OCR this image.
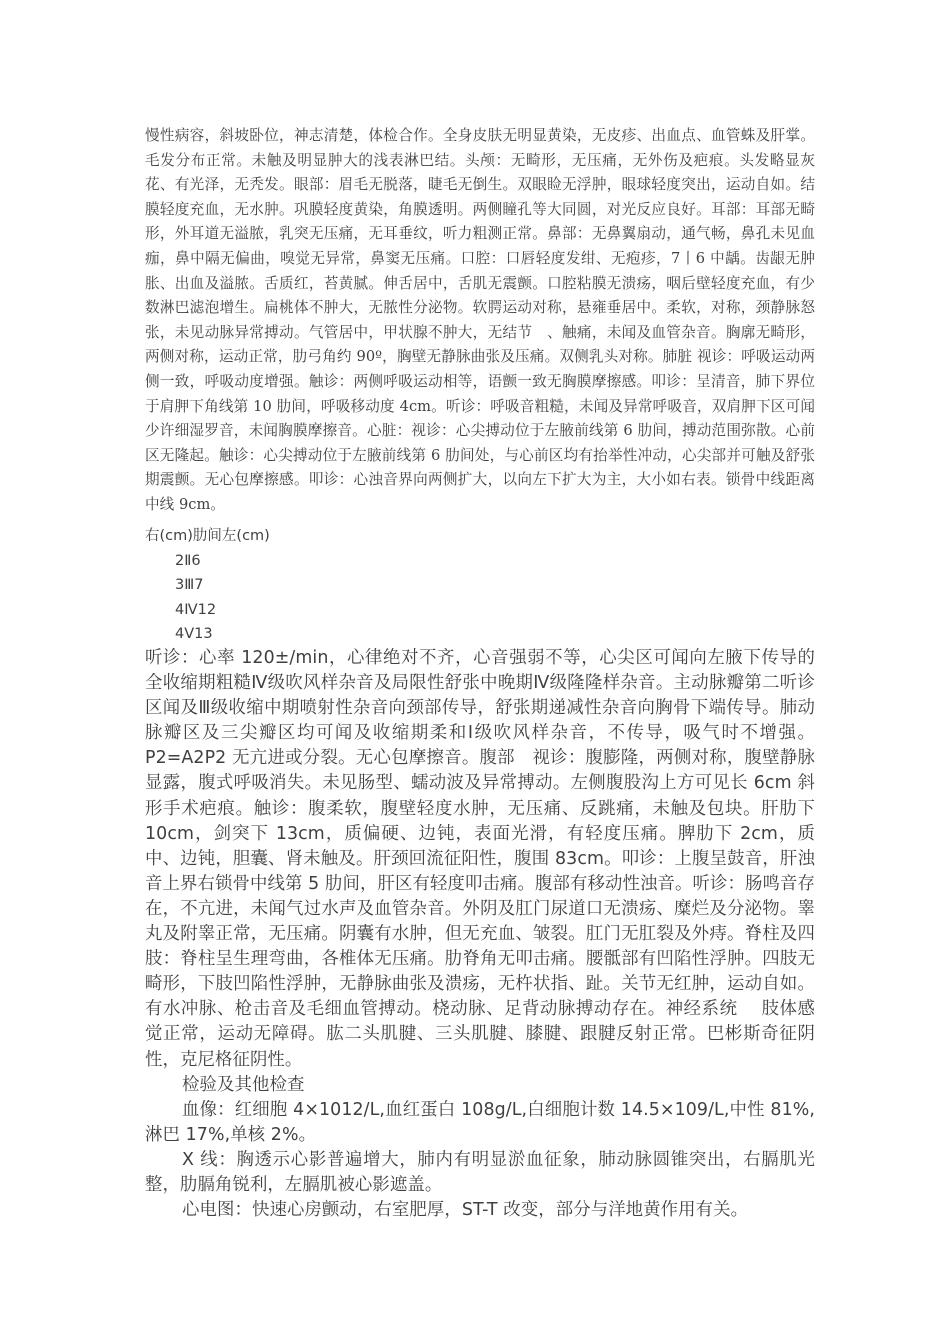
慢性病容，斜坡卧位，神志清楚，体检合作。全身皮肤无明显黄染，无皮疹、出血点、血管蛛及肝掌。毛发分布正常。未触及明显肿大的浅表淋巴结。头颅：无畸形，无压痛，无外伤及疤痕。头发略显灰花、有光泽，无秃发。眼部：眉毛无脱落，睫毛无倒生。双眼睑无浮肿，眼球轻度突出，运动自如。结膜轻度充血，无水肿。巩膜轻度黄染，角膜透明。两侧瞳孔等大同圆，对光反应良好。耳部：耳部无畸形，外耳道无溢脓，乳突无压痛，无耳垂纹，听力粗测正常。鼻部：无鼻翼扇动，通气畅，鼻孔未见血痂，鼻中隔无偏曲，嗅觉无异常，鼻窦无压痛。口腔：口唇轻度发绀、无疱疹，7丨6 中龋。齿龈无肿胀、出血及溢脓。舌质红，苔黄腻。伸舌居中，舌肌无震颤。口腔粘膜无溃疡，咽后壁轻度充血，有少数淋巴滤泡增生。扁桃体不肿大，无脓性分泌物。软腭运动对称，悬雍垂居中。柔软，对称，颈静脉怒张，未见动脉异常搏动。气管居中，甲状腺不肿大，无结节　、触痛，未闻及血管杂音。胸廓无畸形，两侧对称，运动正常，肋弓角约 90º，胸壁无静脉曲张及压痛。双侧乳头对称。肺脏 视诊：呼吸运动两侧一致，呼吸动度增强。触诊：两侧呼吸运动相等，语颤一致无胸膜摩擦感。叩诊：呈清音，肺下界位于肩胛下角线第 10 肋间，呼吸移动度 4cm。听诊：呼吸音粗糙，未闻及异常呼吸音，双肩胛下区可闻少许细湿罗音，未闻胸膜摩擦音。心脏：视诊：心尖搏动位于左腋前线第 6 肋间，搏动范围弥散。心前区无隆起。触诊：心尖搏动位于左腋前线第 6 肋间处，与心前区均有抬举性冲动，心尖部并可触及舒张期震颤。无心包摩擦感。叩诊：心浊音界向两侧扩大，以向左下扩大为主，大小如右表。锁骨中线距离中线 9cm。

右(cm)肋间左(cm)
2Ⅱ6
3Ⅲ7
4Ⅳ12
4Ⅴ13

听诊：心率 120±/min，心律绝对不齐，心音强弱不等，心尖区可闻向左腋下传导的全收缩期粗糙Ⅳ级吹风样杂音及局限性舒张中晚期Ⅳ级隆隆样杂音。主动脉瓣第二听诊区闻及Ⅲ级收缩中期喷射性杂音向颈部传导，舒张期递减性杂音向胸骨下端传导。肺动脉瓣区及三尖瓣区均可闻及收缩期柔和Ⅰ级吹风样杂音，不传导，吸气时不增强。P2=A2P2 无亢进或分裂。无心包摩擦音。腹部　视诊：腹膨隆，两侧对称，腹壁静脉显露，腹式呼吸消失。未见肠型、蠕动波及异常搏动。左侧腹股沟上方可见长 6cm 斜形手术疤痕。触诊：腹柔软，腹壁轻度水肿，无压痛、反跳痛，未触及包块。肝肋下 10cm，剑突下 13cm，质偏硬、边钝，表面光滑，有轻度压痛。脾肋下 2cm，质中、边钝，胆囊、肾未触及。肝颈回流征阳性，腹围 83cm。叩诊：上腹呈鼓音，肝浊音上界右锁骨中线第 5 肋间，肝区有轻度叩击痛。腹部有移动性浊音。听诊：肠鸣音存在，不亢进，未闻气过水声及血管杂音。外阴及肛门尿道口无溃疡、糜烂及分泌物。睾丸及附睾正常，无压痛。阴囊有水肿，但无充血、皱裂。肛门无肛裂及外痔。脊柱及四肢：脊柱呈生理弯曲，各椎体无压痛。肋脊角无叩击痛。腰骶部有凹陷性浮肿。四肢无畸形，下肢凹陷性浮肿，无静脉曲张及溃疡，无杵状指、趾。关节无红肿，运动自如。有水冲脉、枪击音及毛细血管搏动。桡动脉、足背动脉搏动存在。神经系统　 肢体感觉正常，运动无障碍。肱二头肌腱、三头肌腱、膝腱、跟腱反射正常。巴彬斯奇征阴性，克尼格征阴性。

检验及其他检查

血像：红细胞 4×1012/L,血红蛋白 108g/L,白细胞计数 14.5×109/L,中性 81%,淋巴 17%,单核 2%。

X 线：胸透示心影普遍增大，肺内有明显淤血征象，肺动脉圆锥突出，右膈肌光整，肋膈角锐利，左膈肌被心影遮盖。

心电图：快速心房颤动，右室肥厚，ST-T 改变，部分与洋地黄作用有关。
